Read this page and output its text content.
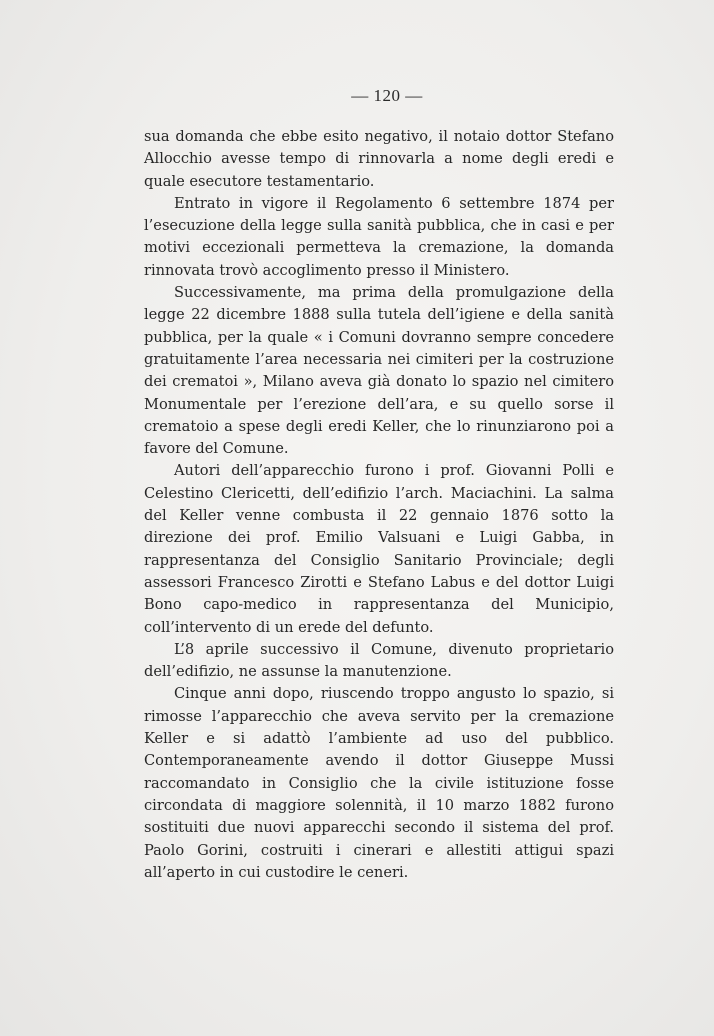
— 120 —

sua domanda che ebbe esito negativo, il notaio dottor Stefano Allocchio avesse tempo di rinnovarla a nome degli eredi e quale esecutore testamentario.

Entrato in vigore il Regolamento 6 settembre 1874 per l’esecuzione della legge sulla sanità pubblica, che in casi e per motivi eccezionali permetteva la cremazione, la domanda rinnovata trovò accoglimento presso il Ministero.

Successivamente, ma prima della promulgazione della legge 22 dicembre 1888 sulla tutela dell’igiene e della sanità pubblica, per la quale « i Comuni dovranno sempre concedere gratuitamente l’area necessaria nei cimiteri per la costruzione dei crematoi », Milano aveva già donato lo spazio nel cimitero Monumentale per l’erezione dell’ara, e su quello sorse il crematoio a spese degli eredi Keller, che lo rinunziarono poi a favore del Comune.

Autori dell’apparecchio furono i prof. Giovanni Polli e Celestino Clericetti, dell’edifizio l’arch. Maciachini. La salma del Keller venne combusta il 22 gennaio 1876 sotto la direzione dei prof. Emilio Valsuani e Luigi Gabba, in rappresentanza del Consiglio Sanitario Provinciale; degli assessori Francesco Zirotti e Stefano Labus e del dottor Luigi Bono capo-medico in rappresentanza del Municipio, coll’intervento di un erede del defunto.

L’8 aprile successivo il Comune, divenuto proprietario dell’edifizio, ne assunse la manutenzione.

Cinque anni dopo, riuscendo troppo angusto lo spazio, si rimosse l’apparecchio che aveva servito per la cremazione Keller e si adattò l’ambiente ad uso del pubblico. Contemporaneamente avendo il dottor Giuseppe Mussi raccomandato in Consiglio che la civile istituzione fosse circondata di maggiore solennità, il 10 marzo 1882 furono sostituiti due nuovi apparecchi secondo il sistema del prof. Paolo Gorini, costruiti i cinerari e allestiti attigui spazi all’aperto in cui custodire le ceneri.
